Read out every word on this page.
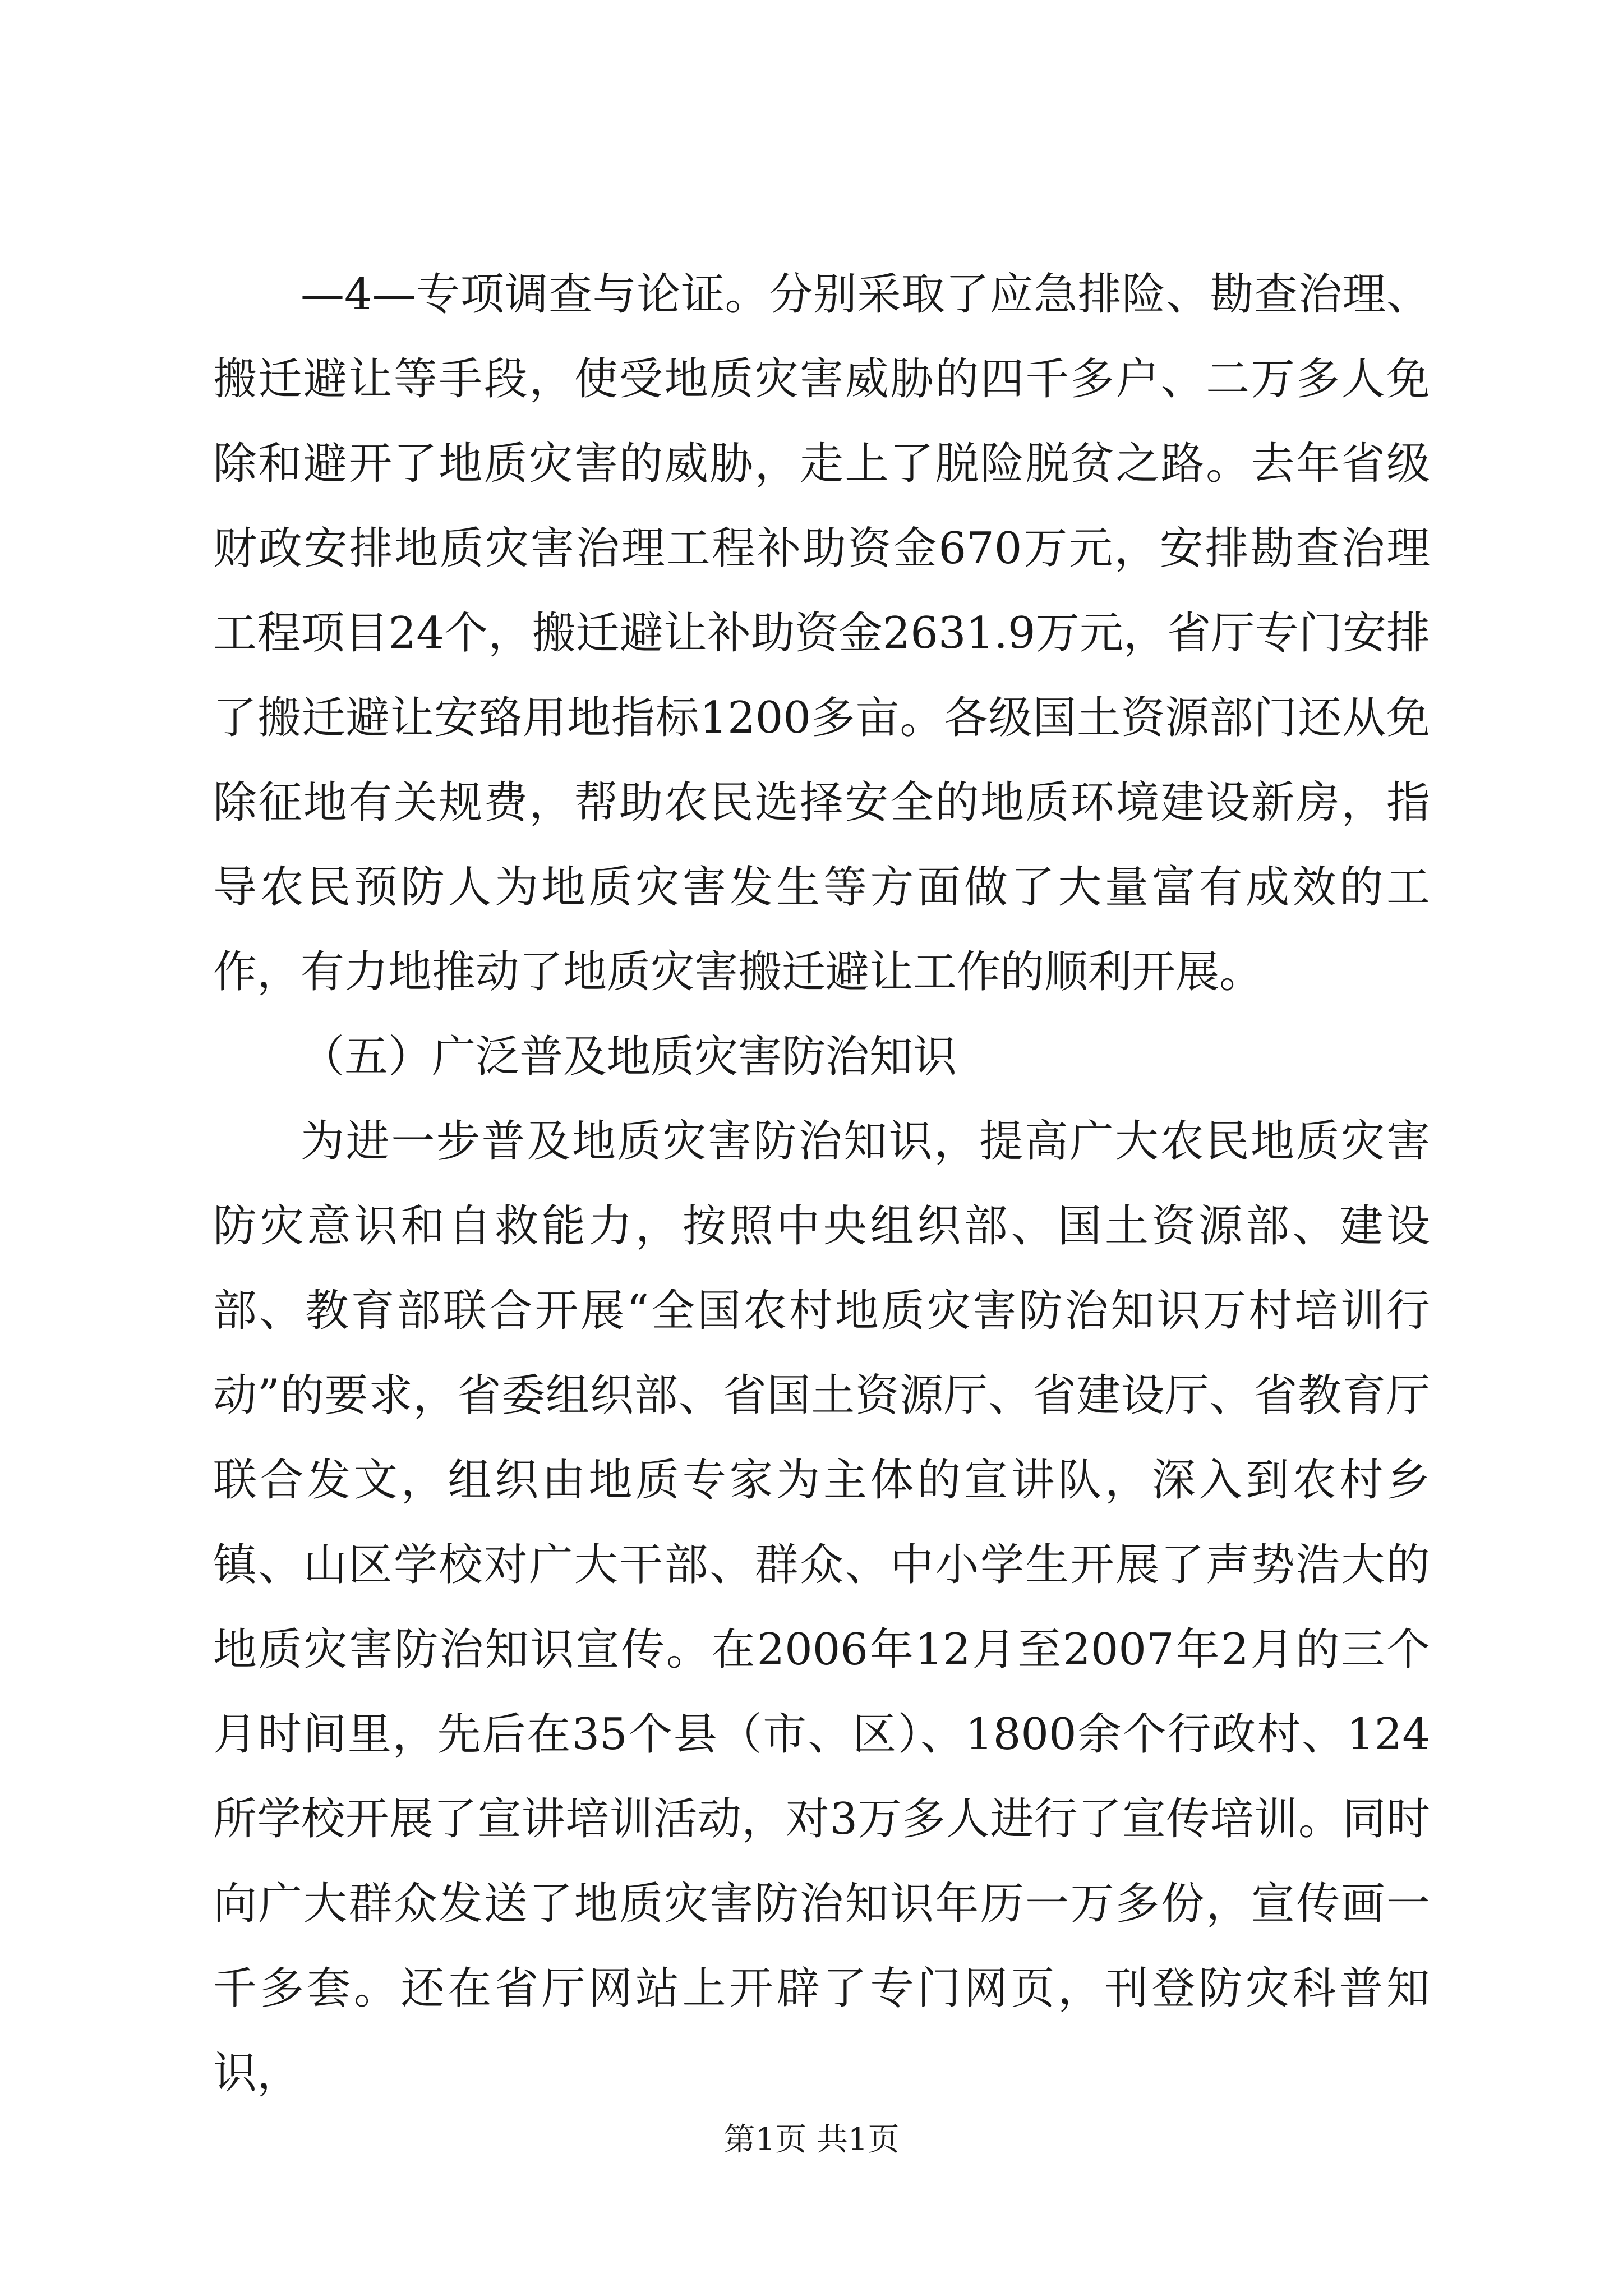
—4—专项调查与论证。分别采取了应急排险、勘查治理、搬迁避让等手段，使受地质灾害威胁的四千多户、二万多人免除和避开了地质灾害的威胁，走上了脱险脱贫之路。去年省级财政安排地质灾害治理工程补助资金670万元，安排勘查治理工程项目24个，搬迁避让补助资金2631.9万元，省厅专门安排了搬迁避让安臵用地指标1200多亩。各级国土资源部门还从免除征地有关规费，帮助农民选择安全的地质环境建设新房，指导农民预防人为地质灾害发生等方面做了大量富有成效的工作，有力地推动了地质灾害搬迁避让工作的顺利开展。

（五）广泛普及地质灾害防治知识

为进一步普及地质灾害防治知识，提高广大农民地质灾害防灾意识和自救能力，按照中央组织部、国土资源部、建设部、教育部联合开展“全国农村地质灾害防治知识万村培训行动”的要求，省委组织部、省国土资源厅、省建设厅、省教育厅联合发文，组织由地质专家为主体的宣讲队，深入到农村乡镇、山区学校对广大干部、群众、中小学生开展了声势浩大的地质灾害防治知识宣传。在2006年12月至2007年2月的三个月时间里，先后在35个县（市、区）、1800余个行政村、124所学校开展了宣讲培训活动，对3万多人进行了宣传培训。同时向广大群众发送了地质灾害防治知识年历一万多份，宣传画一千多套。还在省厅网站上开辟了专门网页，刊登防灾科普知识，

第1页 共1页
